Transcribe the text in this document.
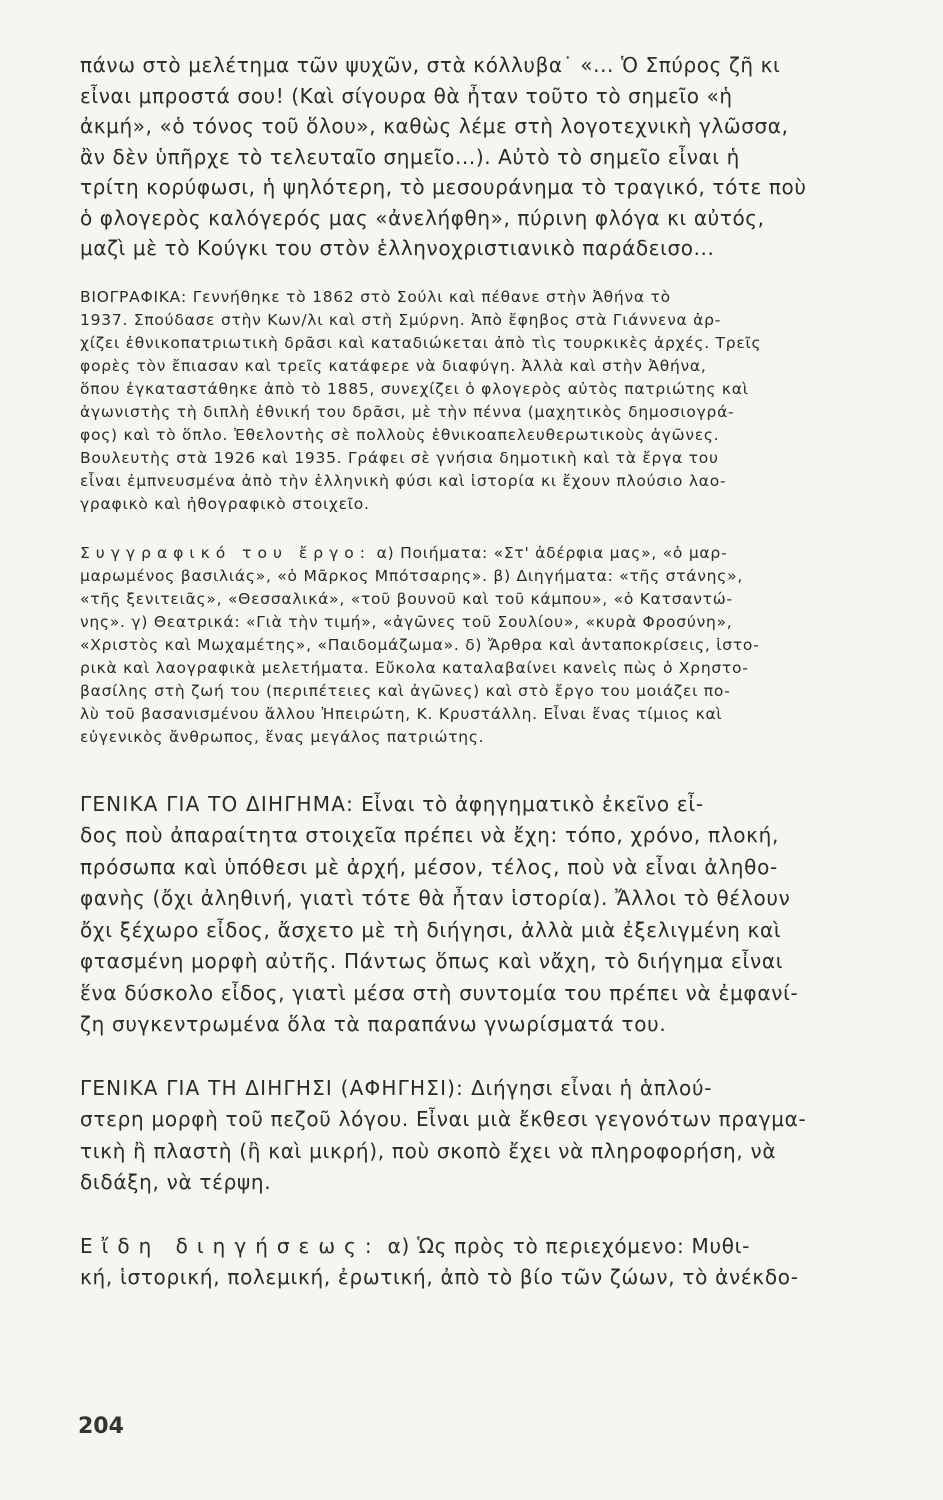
πάνω στὸ μελέτημα τῶν ψυχῶν, στὰ κόλλυβα˙ «... Ὁ Σπύρος ζῆ κι

εἶναι μπροστά σου! (Καὶ σίγουρα θὰ ἦταν τοῦτο τὸ σημεῖο «ἡ

ἀκμή», «ὁ τόνος τοῦ ὅλου», καθὼς λέμε στὴ λογοτεχνικὴ γλῶσσα,

ἂν δὲν ὑπῆρχε τὸ τελευταῖο σημεῖο...). Αὐτὸ τὸ σημεῖο εἶναι ἡ

τρίτη κορύφωσι, ἡ ψηλότερη, τὸ μεσουράνημα τὸ τραγικό, τότε ποὺ

ὁ φλογερὸς καλόγερός μας «ἀνελήφθη», πύρινη φλόγα κι αὐτός,

μαζὶ μὲ τὸ Κούγκι του στὸν ἑλληνοχριστιανικὸ παράδεισο...

ΒΙΟΓΡΑΦΙΚΑ: Γεννήθηκε τὸ 1862 στὸ Σούλι καὶ πέθανε στὴν Ἀθήνα τὸ

1937. Σπούδασε στὴν Κων/λι καὶ στὴ Σμύρνη. Ἀπὸ ἔφηβος στὰ Γιάννενα ἀρ-

χίζει ἐθνικοπατριωτικὴ δρᾶσι καὶ καταδιώκεται ἀπὸ τὶς τουρκικὲς ἀρχές. Τρεῖς

φορὲς τὸν ἔπιασαν καὶ τρεῖς κατάφερε νὰ διαφύγη. Ἀλλὰ καὶ στὴν Ἀθήνα,

ὅπου ἐγκαταστάθηκε ἀπὸ τὸ 1885, συνεχίζει ὁ φλογερὸς αὐτὸς πατριώτης καὶ

ἀγωνιστὴς τὴ διπλὴ ἐθνική του δρᾶσι, μὲ τὴν πέννα (μαχητικὸς δημοσιογρά-

φος) καὶ τὸ ὅπλο. Ἐθελοντὴς σὲ πολλοὺς ἐθνικοαπελευθερωτικοὺς ἀγῶνες.

Βουλευτὴς στὰ 1926 καὶ 1935. Γράφει σὲ γνήσια δημοτικὴ καὶ τὰ ἔργα του

εἶναι ἐμπνευσμένα ἀπὸ τὴν ἑλληνικὴ φύσι καὶ ἱστορία κι ἔχουν πλούσιο λαο-

γραφικὸ καὶ ἠθογραφικὸ στοιχεῖο.

Συγγραφικό του ἔργο: α) Ποιήματα: «Στ' ἀδέρφια μας», «ὁ μαρ-

μαρωμένος βασιλιάς», «ὁ Μᾶρκος Μπότσαρης». β) Διηγήματα: «τῆς στάνης»,

«τῆς ξενιτειᾶς», «Θεσσαλικά», «τοῦ βουνοῦ καὶ τοῦ κάμπου», «ὁ Κατσαντώ-

νης». γ) Θεατρικά: «Γιὰ τὴν τιμή», «ἀγῶνες τοῦ Σουλίου», «κυρὰ Φροσύνη»,

«Χριστὸς καὶ Μωχαμέτης», «Παιδομάζωμα». δ) Ἄρθρα καὶ ἀνταποκρίσεις, ἱστο-

ρικὰ καὶ λαογραφικὰ μελετήματα. Εὔκολα καταλαβαίνει κανεὶς πὼς ὁ Χρηστο-

βασίλης στὴ ζωή του (περιπέτειες καὶ ἀγῶνες) καὶ στὸ ἔργο του μοιάζει πο-

λὺ τοῦ βασανισμένου ἄλλου Ἠπειρώτη, Κ. Κρυστάλλη. Εἶναι ἕνας τίμιος καὶ

εὐγενικὸς ἄνθρωπος, ἕνας μεγάλος πατριώτης.

ΓΕΝΙΚΑ ΓΙΑ ΤΟ ΔΙΗΓΗΜΑ: Εἶναι τὸ ἀφηγηματικὸ ἐκεῖνο εἶ-

δος ποὺ ἀπαραίτητα στοιχεῖα πρέπει νὰ ἔχη: τόπο, χρόνο, πλοκή,

πρόσωπα καὶ ὑπόθεσι μὲ ἀρχή, μέσον, τέλος, ποὺ νὰ εἶναι ἀληθο-

φανὴς (ὄχι ἀληθινή, γιατὶ τότε θὰ ἦταν ἱστορία). Ἄλλοι τὸ θέλουν

ὄχι ξέχωρο εἶδος, ἄσχετο μὲ τὴ διήγησι, ἀλλὰ μιὰ ἐξελιγμένη καὶ

φτασμένη μορφὴ αὐτῆς. Πάντως ὅπως καὶ νἄχη, τὸ διήγημα εἶναι

ἕνα δύσκολο εἶδος, γιατὶ μέσα στὴ συντομία του πρέπει νὰ ἐμφανί-

ζη συγκεντρωμένα ὅλα τὰ παραπάνω γνωρίσματά του.

ΓΕΝΙΚΑ ΓΙΑ ΤΗ ΔΙΗΓΗΣΙ (ΑΦΗΓΗΣΙ): Διήγησι εἶναι ἡ ἁπλού-

στερη μορφὴ τοῦ πεζοῦ λόγου. Εἶναι μιὰ ἔκθεσι γεγονότων πραγμα-

τικὴ ἢ πλαστὴ (ἢ καὶ μικρή), ποὺ σκοπὸ ἔχει νὰ πληροφορήση, νὰ

διδάξη, νὰ τέρψη.

Εἴδη διηγήσεως: α) Ὡς πρὸς τὸ περιεχόμενο: Μυθι-

κή, ἱστορική, πολεμική, ἐρωτική, ἀπὸ τὸ βίο τῶν ζώων, τὸ ἀνέκδο-

204
